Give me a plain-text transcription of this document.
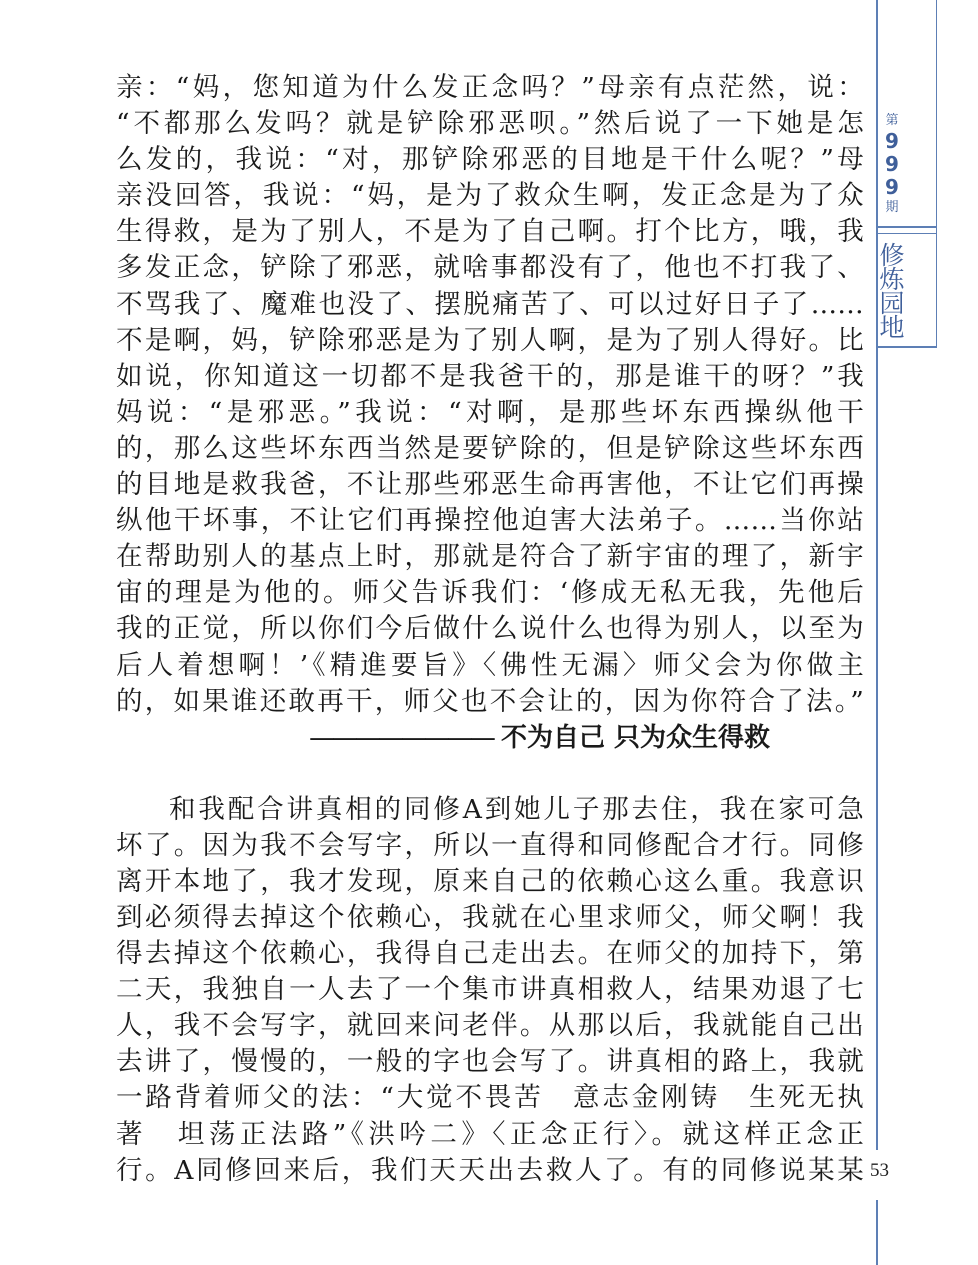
第
9
9
9
期
修炼园地
53

亲：“妈，您知道为什么发正念吗？”母亲有点茫然，说：

“不都那么发吗？就是铲除邪恶呗。”然后说了一下她是怎

么发的，我说：“对，那铲除邪恶的目地是干什么呢？”母

亲没回答，我说：“妈，是为了救众生啊，发正念是为了众

生得救，是为了别人，不是为了自己啊。打个比方，哦，我

多发正念，铲除了邪恶，就啥事都没有了，他也不打我了、

不骂我了、魔难也没了、摆脱痛苦了、可以过好日子了……

不是啊，妈，铲除邪恶是为了别人啊，是为了别人得好。比

如说，你知道这一切都不是我爸干的，那是谁干的呀？”我

妈说：“是邪恶。”我说：“对啊，是那些坏东西操纵他干

的，那么这些坏东西当然是要铲除的，但是铲除这些坏东西

的目地是救我爸，不让那些邪恶生命再害他，不让它们再操

纵他干坏事，不让它们再操控他迫害大法弟子。……当你站

在帮助别人的基点上时，那就是符合了新宇宙的理了，新宇

宙的理是为他的。师父告诉我们：‘修成无私无我，先他后

我的正觉，所以你们今后做什么说什么也得为别人，以至为

后人着想啊！’《精進要旨》〈佛性无漏〉师父会为你做主

的，如果谁还敢再干，师父也不会让的，因为你符合了法。”

———————— 不为自己 只为众生得救

和我配合讲真相的同修A到她儿子那去住，我在家可急

坏了。因为我不会写字，所以一直得和同修配合才行。同修

离开本地了，我才发现，原来自己的依赖心这么重。我意识

到必须得去掉这个依赖心，我就在心里求师父，师父啊！我

得去掉这个依赖心，我得自己走出去。在师父的加持下，第

二天，我独自一人去了一个集市讲真相救人，结果劝退了七

人，我不会写字，就回来问老伴。从那以后，我就能自己出

去讲了，慢慢的，一般的字也会写了。讲真相的路上，我就

一路背着师父的法：“大觉不畏苦　意志金刚铸　生死无执

著　坦荡正法路”《洪吟二》〈正念正行〉。就这样正念正

行。A同修回来后，我们天天出去救人了。有的同修说某某
